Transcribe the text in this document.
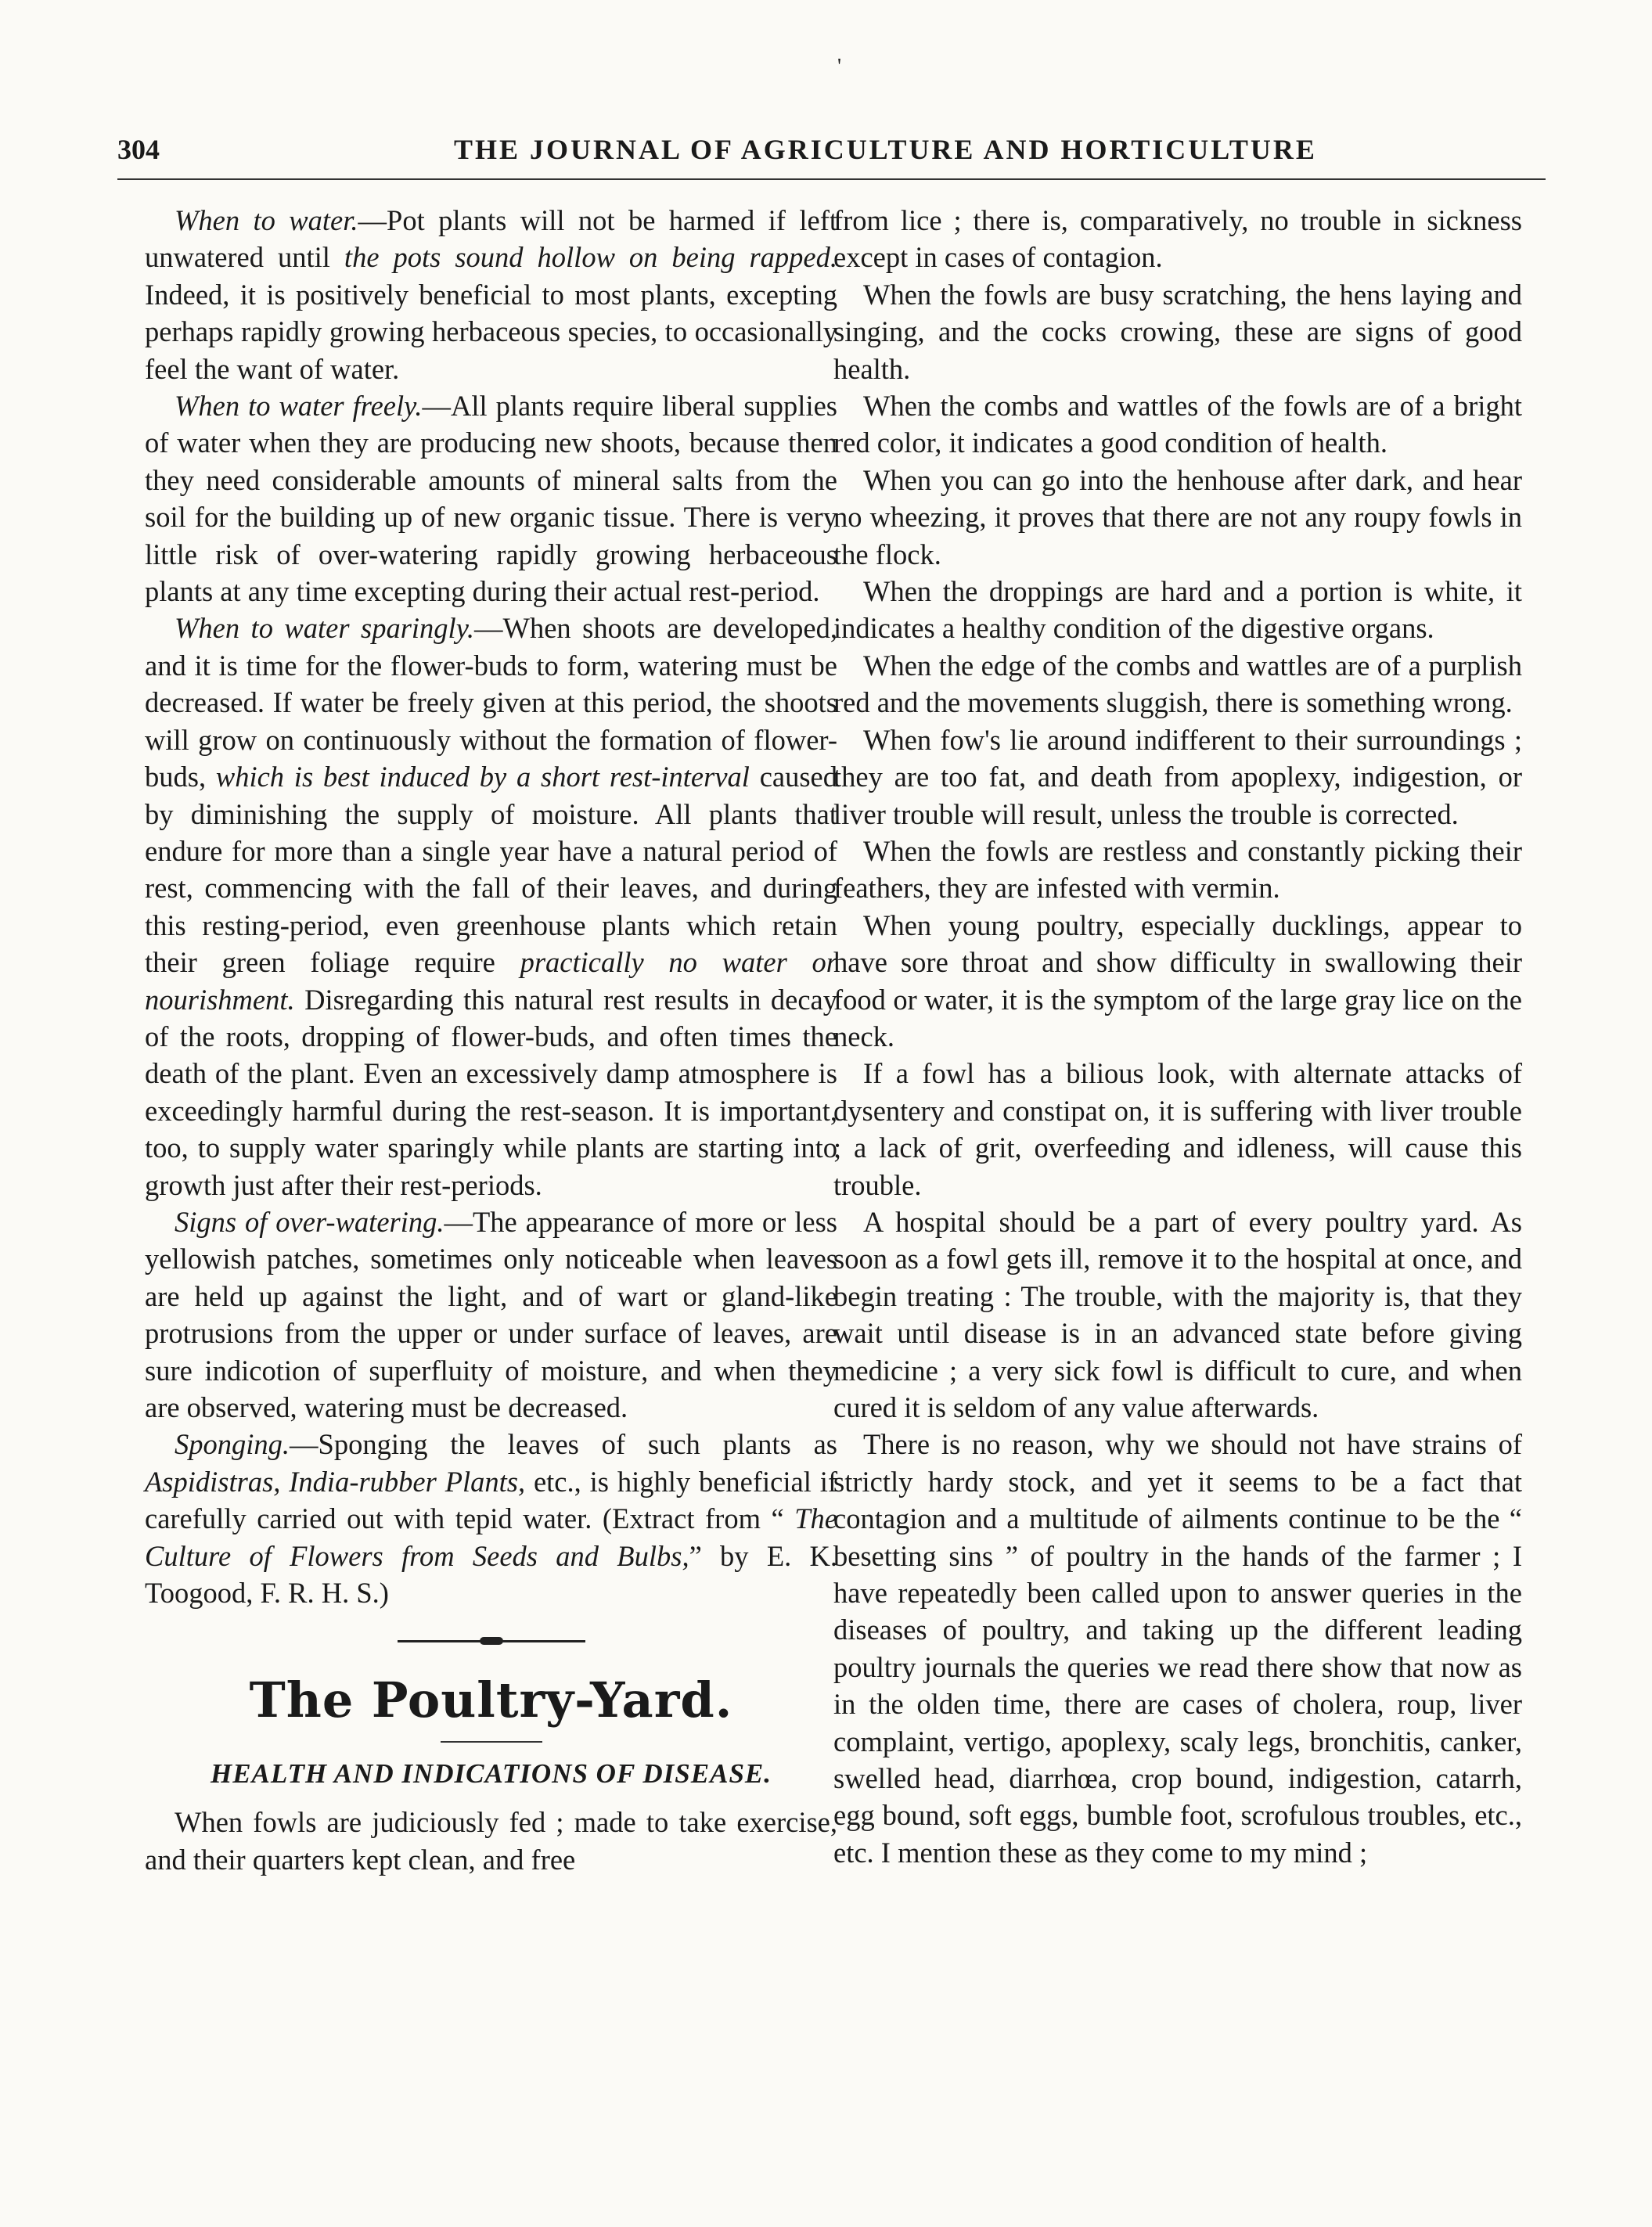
'
304	THE JOURNAL OF AGRICULTURE AND HORTICULTURE

When to water.—Pot plants will not be harmed if left unwatered until the pots sound hollow on being rapped. Indeed, it is positively beneficial to most plants, excepting perhaps rapidly growing herbaceous species, to occasionally feel the want of water.

When to water freely.—All plants require liberal supplies of water when they are producing new shoots, because then they need considerable amounts of mineral salts from the soil for the building up of new organic tissue. There is very little risk of over-watering rapidly growing herbaceous plants at any time excepting during their actual rest-period.

When to water sparingly.—When shoots are developed, and it is time for the flower-buds to form, watering must be decreased. If water be freely given at this period, the shoots will grow on continuously without the formation of flower-buds, which is best induced by a short rest-interval caused by diminishing the supply of moisture. All plants that endure for more than a single year have a natural period of rest, commencing with the fall of their leaves, and during this resting-period, even greenhouse plants which retain their green foliage require practically no water or nourishment. Disregarding this natural rest results in decay of the roots, dropping of flower-buds, and often times the death of the plant. Even an excessively damp atmosphere is exceedingly harmful during the rest-season. It is important, too, to supply water sparingly while plants are starting into growth just after their rest-periods.

Signs of over-watering.—The appearance of more or less yellowish patches, sometimes only noticeable when leaves are held up against the light, and of wart or gland-like protrusions from the upper or under surface of leaves, are sure indicotion of superfluity of moisture, and when they are observed, watering must be decreased.

Sponging.—Sponging the leaves of such plants as Aspidistras, India-rubber Plants, etc., is highly beneficial if carefully carried out with tepid water. (Extract from “ The Culture of Flowers from Seeds and Bulbs,” by E. K. Toogood, F. R. H. S.)

The Poultry-Yard.
HEALTH AND INDICATIONS OF DISEASE.

When fowls are judiciously fed ; made to take exercise, and their quarters kept clean, and free

from lice ; there is, comparatively, no trouble in sickness except in cases of contagion.

When the fowls are busy scratching, the hens laying and singing, and the cocks crowing, these are signs of good health.

When the combs and wattles of the fowls are of a bright red color, it indicates a good condition of health.

When you can go into the henhouse after dark, and hear no wheezing, it proves that there are not any roupy fowls in the flock.

When the droppings are hard and a portion is white, it indicates a healthy condition of the digestive organs.

When the edge of the combs and wattles are of a purplish red and the movements sluggish, there is something wrong.

When fow's lie around indifferent to their surroundings ; they are too fat, and death from apoplexy, indigestion, or liver trouble will result, unless the trouble is corrected.

When the fowls are restless and constantly picking their feathers, they are infested with vermin.

When young poultry, especially ducklings, appear to have sore throat and show difficulty in swallowing their food or water, it is the symptom of the large gray lice on the neck.

If a fowl has a bilious look, with alternate attacks of dysentery and constipat on, it is suffering with liver trouble ; a lack of grit, overfeeding and idleness, will cause this trouble.

A hospital should be a part of every poultry yard. As soon as a fowl gets ill, remove it to the hospital at once, and begin treating : The trouble, with the majority is, that they wait until disease is in an advanced state before giving medicine ; a very sick fowl is difficult to cure, and when cured it is seldom of any value afterwards.

There is no reason, why we should not have strains of strictly hardy stock, and yet it seems to be a fact that contagion and a multitude of ailments continue to be the “ besetting sins ” of poultry in the hands of the farmer ; I have repeatedly been called upon to answer queries in the diseases of poultry, and taking up the different leading poultry journals the queries we read there show that now as in the olden time, there are cases of cholera, roup, liver complaint, vertigo, apoplexy, scaly legs, bronchitis, canker, swelled head, diarrhœa, crop bound, indigestion, catarrh, egg bound, soft eggs, bumble foot, scrofulous troubles, etc., etc. I mention these as they come to my mind ;
